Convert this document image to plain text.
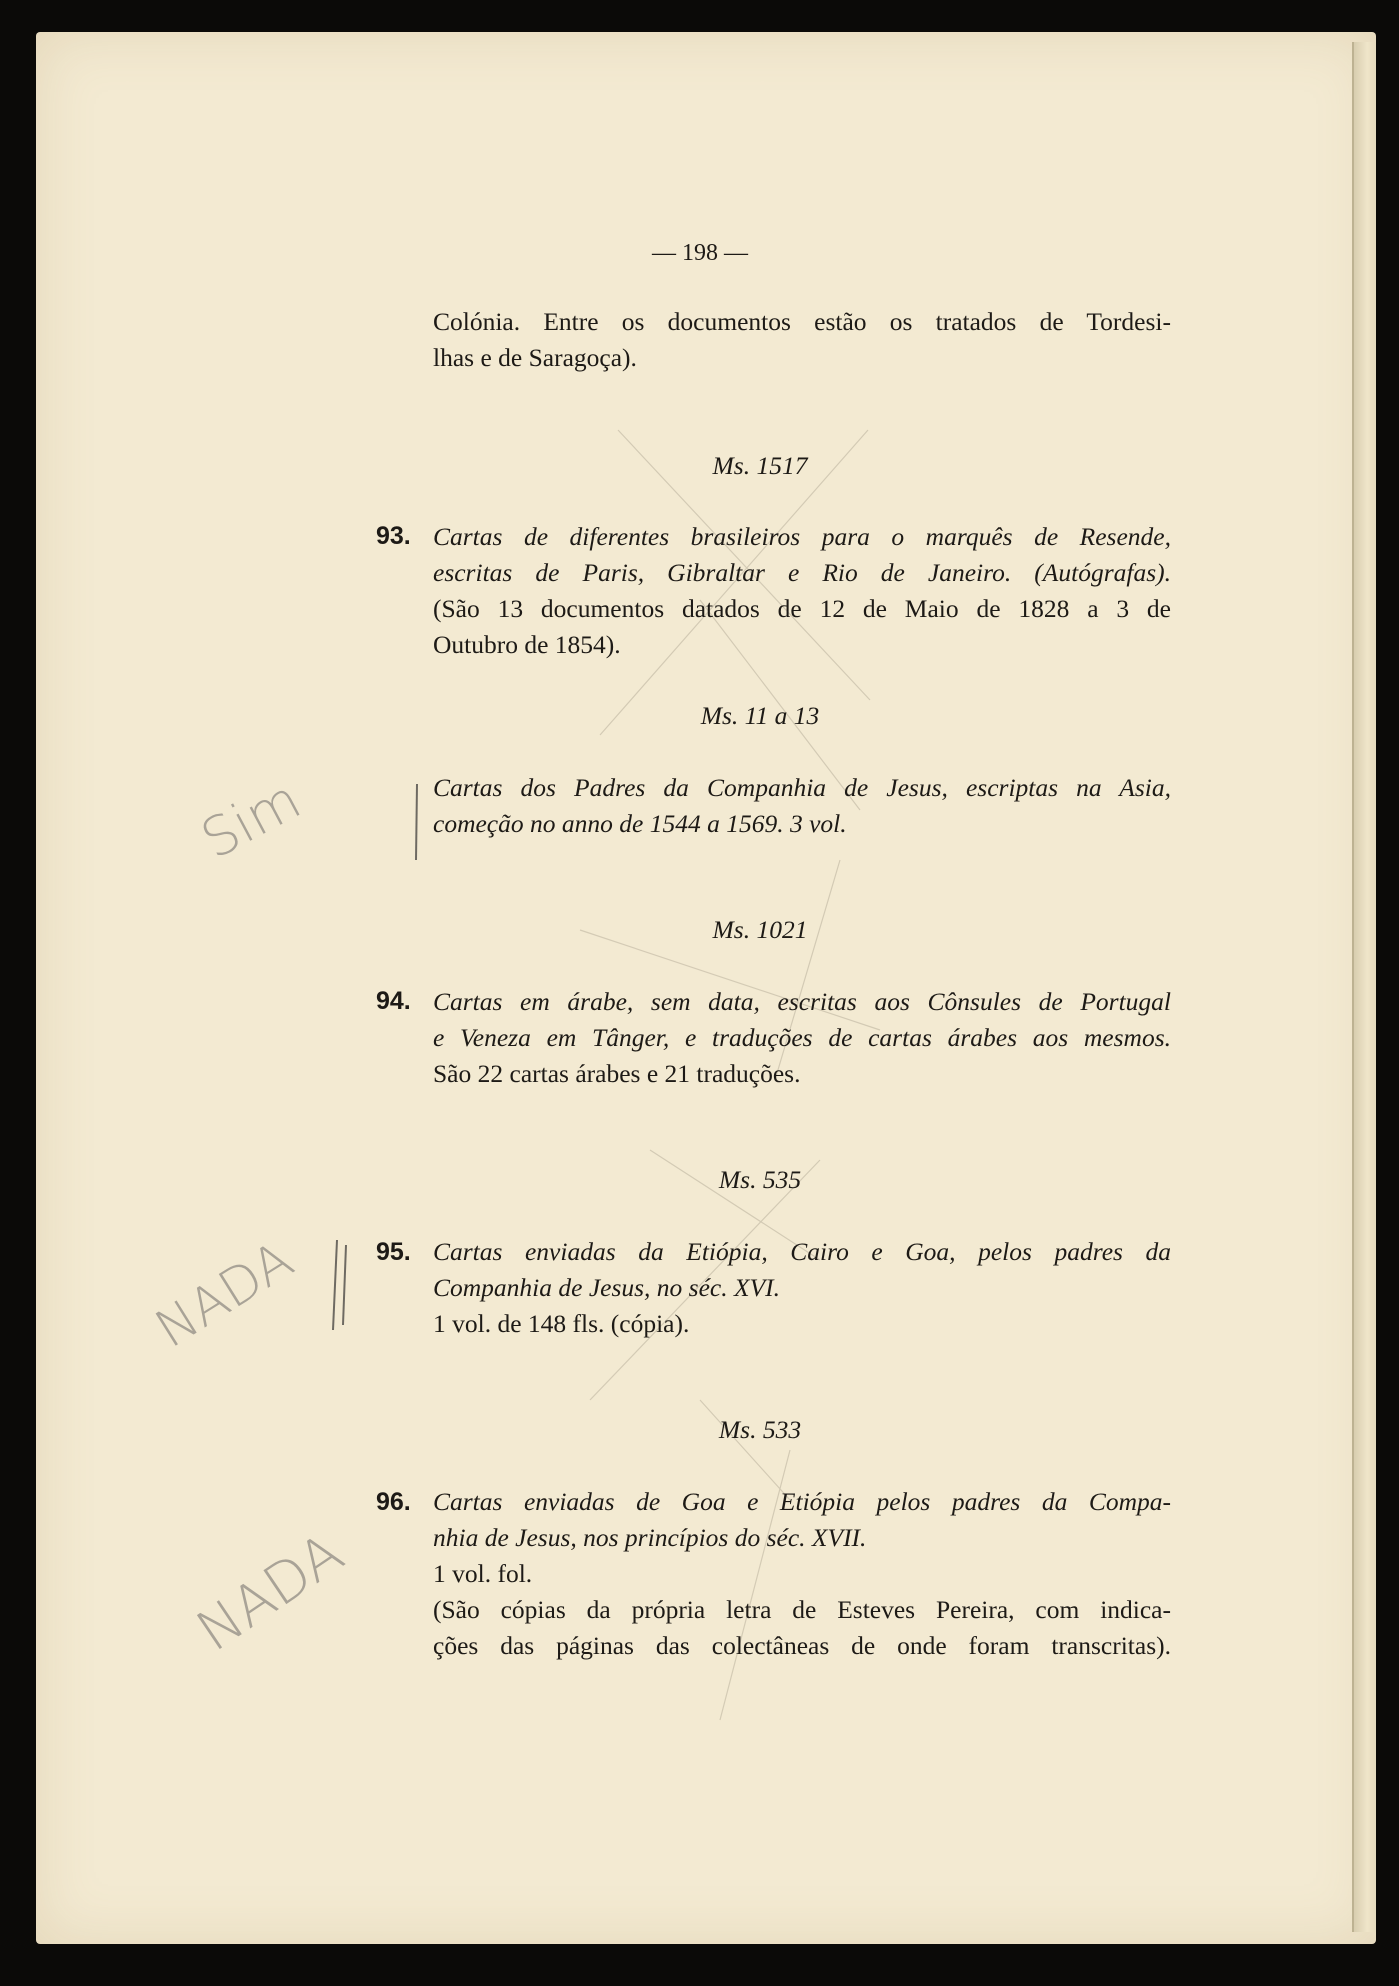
— 198 —
Colónia. Entre os documentos estão os tratados de Tordesi-
lhas e de Saragoça).
Ms. 1517
93. Cartas de diferentes brasileiros para o marquês de Resende,
escritas de Paris, Gibraltar e Rio de Janeiro. (Autógrafas).
(São 13 documentos datados de 12 de Maio de 1828 a 3 de
Outubro de 1854).
Ms. 11 a 13
Cartas dos Padres da Companhia de Jesus, escriptas na Asia,
começão no anno de 1544 a 1569. 3 vol.
Ms. 1021
94. Cartas em árabe, sem data, escritas aos Cônsules de Portugal
e Veneza em Tânger, e traduções de cartas árabes aos mesmos.
São 22 cartas árabes e 21 traduções.
Ms. 535
95. Cartas enviadas da Etiópia, Cairo e Goa, pelos padres da
Companhia de Jesus, no séc. XVI.
1 vol. de 148 fls. (cópia).
Ms. 533
96. Cartas enviadas de Goa e Etiópia pelos padres da Compa-
nhia de Jesus, nos princípios do séc. XVII.
1 vol. fol.
(São cópias da própria letra de Esteves Pereira, com indica-
ções das páginas das colectâneas de onde foram transcritas).
Sim
NADA
NADA
